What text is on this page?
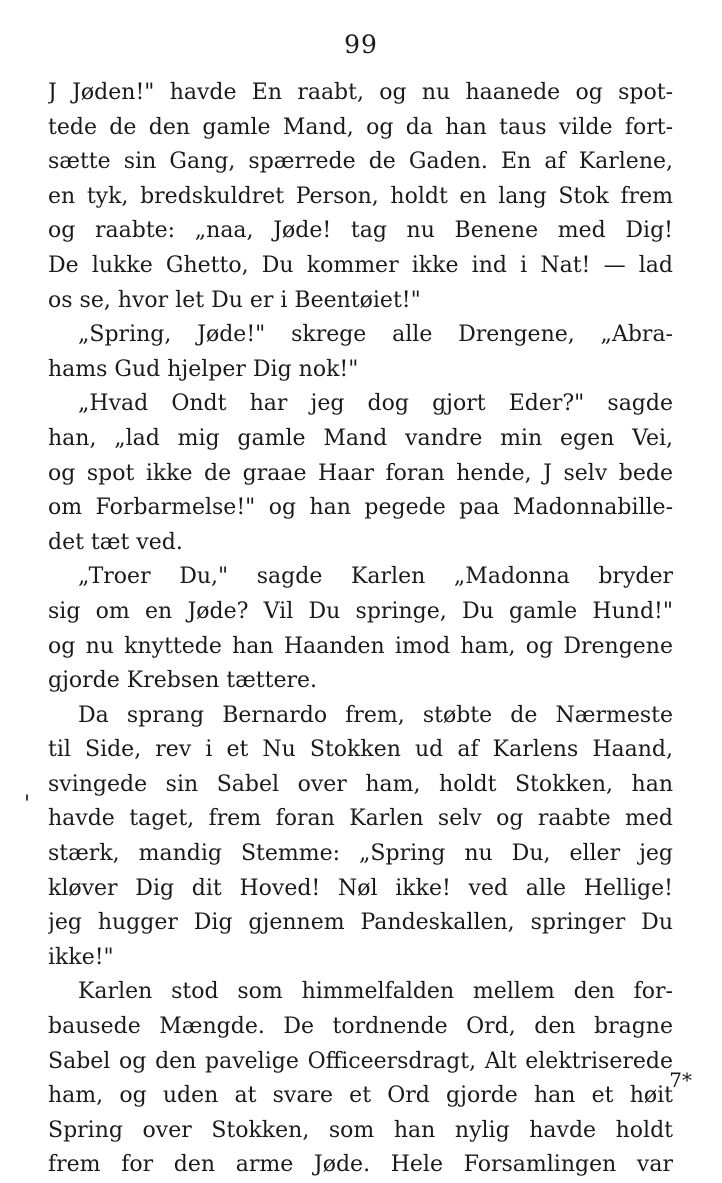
99
'
J Jøden!" havde En raabt, og nu haanede og spot-
tede de den gamle Mand, og da han taus vilde fort-
sætte sin Gang, spærrede de Gaden. En af Karlene,
en tyk, bredskuldret Person, holdt en lang Stok frem
og raabte: „naa, Jøde! tag nu Benene med Dig!
De lukke Ghetto, Du kommer ikke ind i Nat! — lad
os se, hvor let Du er i Beentøiet!"
„Spring, Jøde!" skrege alle Drengene, „Abra-
hams Gud hjelper Dig nok!"
„Hvad Ondt har jeg dog gjort Eder?" sagde
han, „lad mig gamle Mand vandre min egen Vei,
og spot ikke de graae Haar foran hende, J selv bede
om Forbarmelse!" og han pegede paa Madonnabille-
det tæt ved.
„Troer Du," sagde Karlen „Madonna bryder
sig om en Jøde? Vil Du springe, Du gamle Hund!"
og nu knyttede han Haanden imod ham, og Drengene
gjorde Krebsen tættere.
Da sprang Bernardo frem, støbte de Nærmeste
til Side, rev i et Nu Stokken ud af Karlens Haand,
svingede sin Sabel over ham, holdt Stokken, han
havde taget, frem foran Karlen selv og raabte med
stærk, mandig Stemme: „Spring nu Du, eller jeg
kløver Dig dit Hoved! Nøl ikke! ved alle Hellige!
jeg hugger Dig gjennem Pandeskallen, springer Du
ikke!"
Karlen stod som himmelfalden mellem den for-
bausede Mængde. De tordnende Ord, den bragne
Sabel og den pavelige Officeersdragt, Alt elektriserede
ham, og uden at svare et Ord gjorde han et høit
Spring over Stokken, som han nylig havde holdt
frem for den arme Jøde. Hele Forsamlingen var
7*
